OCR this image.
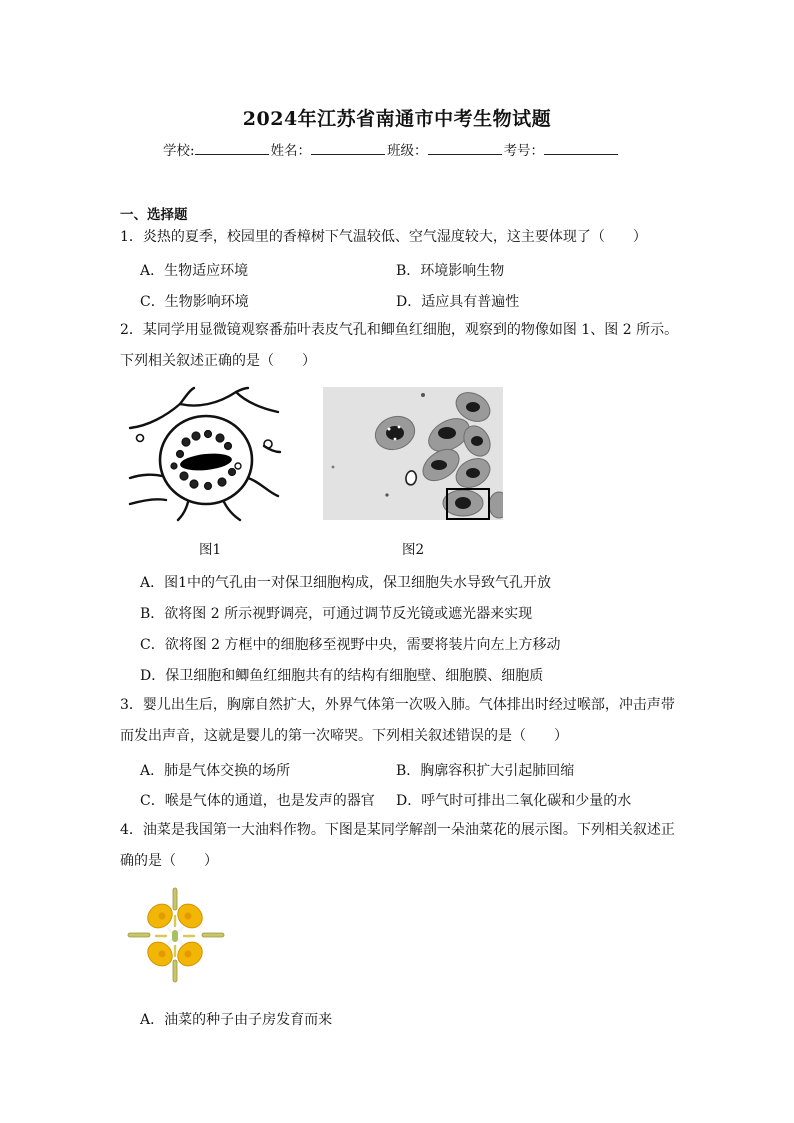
2024年江苏省南通市中考生物试题
学校:	姓名：	班级：	考号：
一、选择题
1．炎热的夏季，校园里的香樟树下气温较低、空气湿度较大，这主要体现了（　　）
A．生物适应环境	B．环境影响生物
C．生物影响环境	D．适应具有普遍性
2．某同学用显微镜观察番茄叶表皮气孔和鲫鱼红细胞，观察到的物像如图 1、图 2 所示。
下列相关叙述正确的是（　　）
图1	图2
A．图1中的气孔由一对保卫细胞构成，保卫细胞失水导致气孔开放
B．欲将图 2 所示视野调亮，可通过调节反光镜或遮光器来实现
C．欲将图 2 方框中的细胞移至视野中央，需要将装片向左上方移动
D．保卫细胞和鲫鱼红细胞共有的结构有细胞壁、细胞膜、细胞质
3．婴儿出生后，胸廓自然扩大，外界气体第一次吸入肺。气体排出时经过喉部，冲击声带
而发出声音，这就是婴儿的第一次啼哭。下列相关叙述错误的是（　　）
A．肺是气体交换的场所	B．胸廓容积扩大引起肺回缩
C．喉是气体的通道，也是发声的器官 D．呼气时可排出二氧化碳和少量的水
4．油菜是我国第一大油料作物。下图是某同学解剖一朵油菜花的展示图。下列相关叙述正
确的是（　　）
A．油菜的种子由子房发育而来
